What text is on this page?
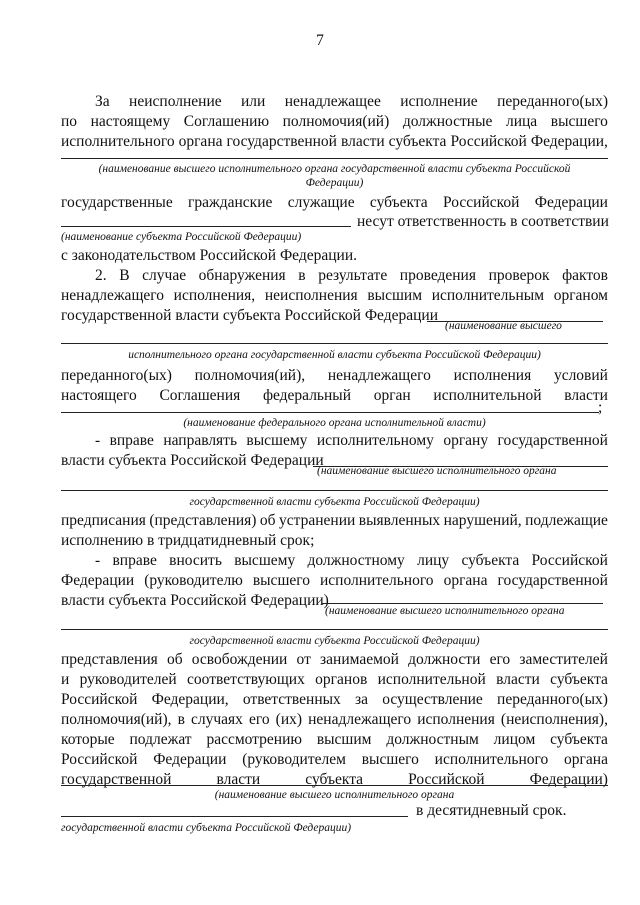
7
За неисполнение или ненадлежащее исполнение переданного(ых)
по настоящему Соглашению полномочия(ий) должностные лица высшего
исполнительного органа государственной власти субъекта Российской Федерации,
(наименование высшего исполнительного органа государственной власти субъекта Российской
Федерации)
государственные гражданские служащие субъекта Российской Федерации
несут ответственность в соответствии
(наименование субъекта Российской Федерации)
с законодательством Российской Федерации.
2. В случае обнаружения в результате проведения проверок фактов
ненадлежащего исполнения, неисполнения высшим исполнительным органом
государственной власти субъекта Российской Федерации
(наименование высшего
исполнительного органа государственной власти субъекта Российской Федерации)
переданного(ых) полномочия(ий), ненадлежащего исполнения условий
настоящего Соглашения федеральный орган исполнительной власти
;
(наименование федерального органа исполнительной власти)
- вправе направлять высшему исполнительному органу государственной
власти субъекта Российской Федерации
(наименование высшего исполнительного органа
государственной власти субъекта Российской Федерации)
предписания (представления) об устранении выявленных нарушений, подлежащие
исполнению в тридцатидневный срок;
- вправе вносить высшему должностному лицу субъекта Российской
Федерации (руководителю высшего исполнительного органа государственной
власти субъекта Российской Федерации)
(наименование высшего исполнительного органа
государственной власти субъекта Российской Федерации)
представления об освобождении от занимаемой должности его заместителей
и руководителей соответствующих органов исполнительной власти субъекта
Российской Федерации, ответственных за осуществление переданного(ых)
полномочия(ий), в случаях его (их) ненадлежащего исполнения (неисполнения),
которые подлежат рассмотрению высшим должностным лицом субъекта
Российской Федерации (руководителем высшего исполнительного органа
государственной	власти	субъекта	Российской	Федерации)
(наименование высшего исполнительного органа
в десятидневный срок.
государственной власти субъекта Российской Федерации)
